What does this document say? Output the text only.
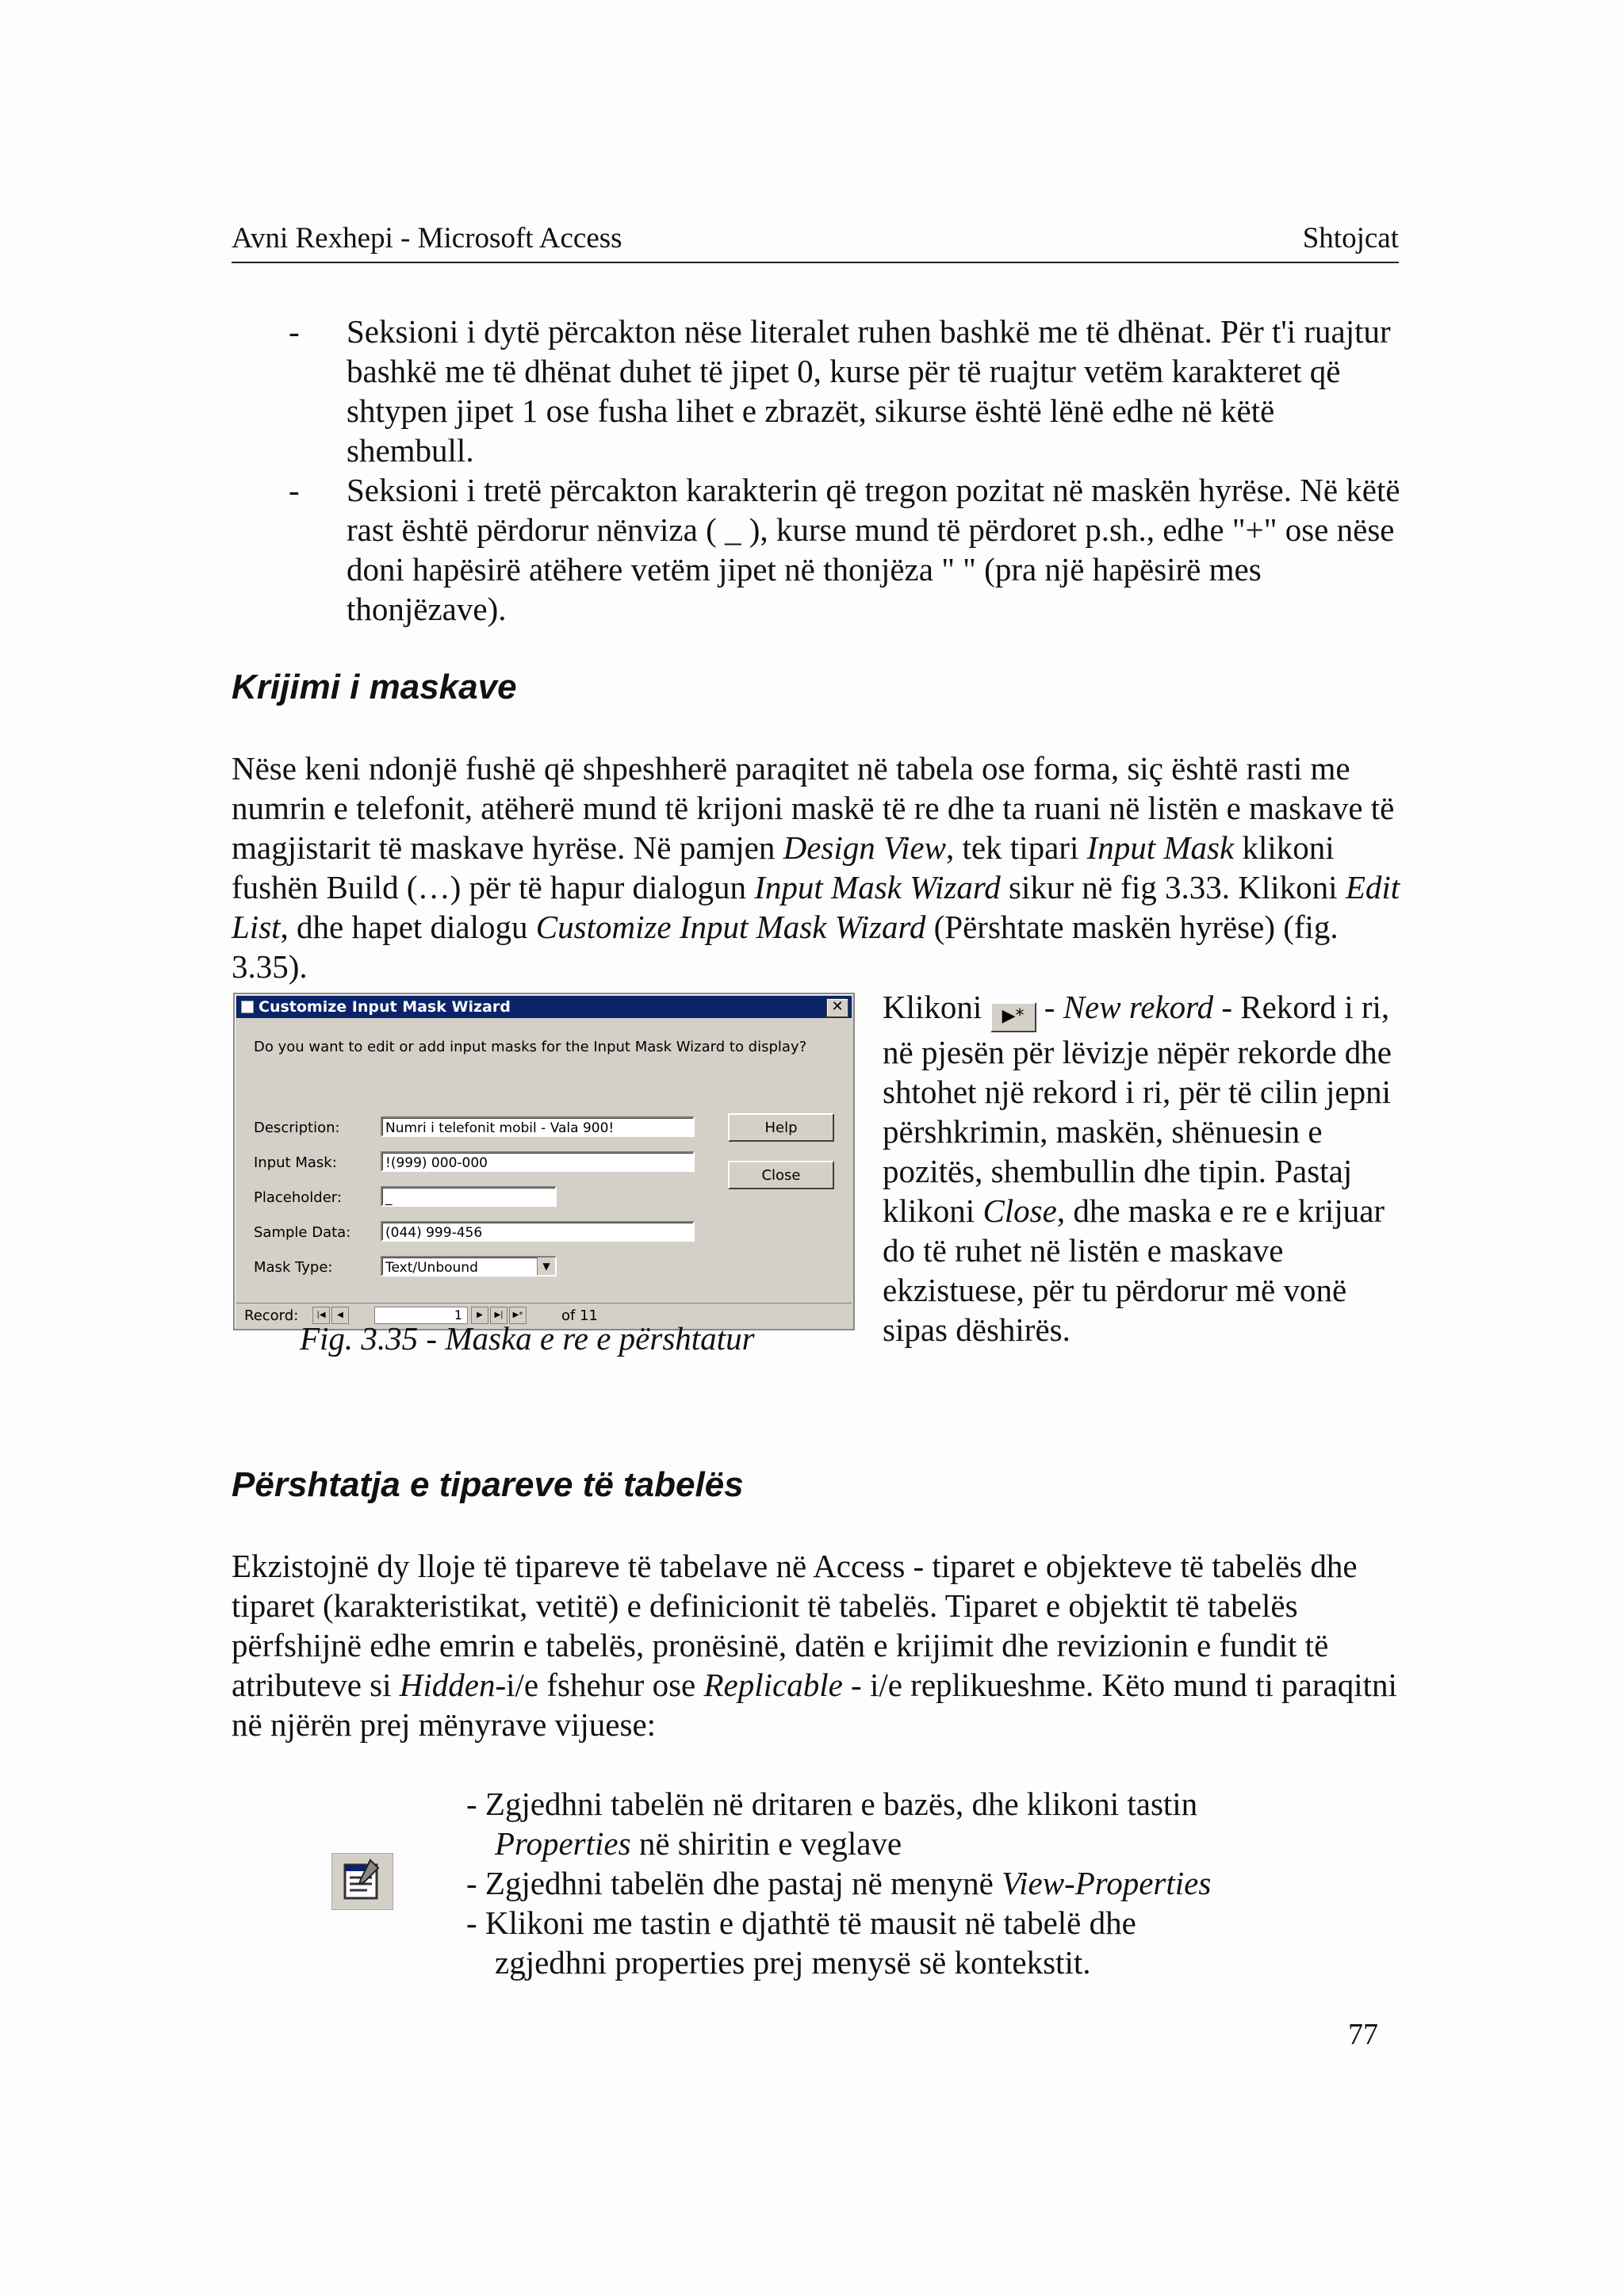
Avni Rexhepi - Microsoft Access	Shtojcat
-	Seksioni i dytë përcakton nëse literalet ruhen bashkë me të dhënat. Për t'i ruajtur bashkë me të dhënat duhet të jipet 0, kurse për të ruajtur vetëm karakteret që shtypen jipet 1 ose fusha lihet e zbrazët, sikurse është lënë edhe në këtë shembull.
-	Seksioni i tretë përcakton karakterin që tregon pozitat në maskën hyrëse. Në këtë rast është përdorur nënviza ( _ ), kurse mund të përdoret p.sh., edhe "+" ose nëse doni hapësirë atëhere vetëm jipet në thonjëza " " (pra një hapësirë mes thonjëzave).
Krijimi i maskave
Nëse keni ndonjë fushë që shpeshherë paraqitet në tabela ose forma, siç është rasti me numrin e telefonit, atëherë mund të krijoni maskë të re dhe ta ruani në listën e maskave të magjistarit të maskave hyrëse. Në pamjen Design View, tek tipari Input Mask klikoni fushën Build (…) për të hapur dialogun Input Mask Wizard sikur në fig 3.33. Klikoni Edit List, dhe hapet dialogu Customize Input Mask Wizard (Përshtate maskën hyrëse) (fig. 3.35).
Customize Input Mask Wizard	✕
Do you want to edit or add input masks for the Input Mask Wizard to display?
Description:	Numri i telefonit mobil - Vala 900!
Input Mask:	!(999) 000-000
Placeholder:	_
Sample Data:	(044) 999-456
Mask Type:	Text/Unbound	▼
Help
Close
Record:	|◀	◀	1	▶	▶|	▶*	of 11
Fig. 3.35 - Maska e re e përshtatur
Klikoni ▶* - New rekord - Rekord i ri, në pjesën për lëvizje nëpër rekorde dhe shtohet një rekord i ri, për të cilin jepni përshkrimin, maskën, shënuesin e pozitës, shembullin dhe tipin. Pastaj klikoni Close, dhe maska e re e krijuar do të ruhet në listën e maskave ekzistuese, për tu përdorur më vonë sipas dëshirës.
Përshtatja e tipareve të tabelës
Ekzistojnë dy lloje të tipareve të tabelave në Access - tiparet e objekteve të tabelës dhe tiparet (karakteristikat, vetitë) e definicionit të tabelës. Tiparet e objektit të tabelës përfshijnë edhe emrin e tabelës, pronësinë, datën e krijimit dhe revizionin e fundit të atributeve si Hidden-i/e fshehur ose Replicable - i/e replikueshme. Këto mund ti paraqitni në njërën prej mënyrave vijuese:
- Zgjedhni tabelën në dritaren e bazës, dhe klikoni tastin
Properties në shiritin e veglave
- Zgjedhni tabelën dhe pastaj në menynë View-Properties
- Klikoni me tastin e djathtë të mausit në tabelë dhe
zgjedhni properties prej menysë së kontekstit.
77
